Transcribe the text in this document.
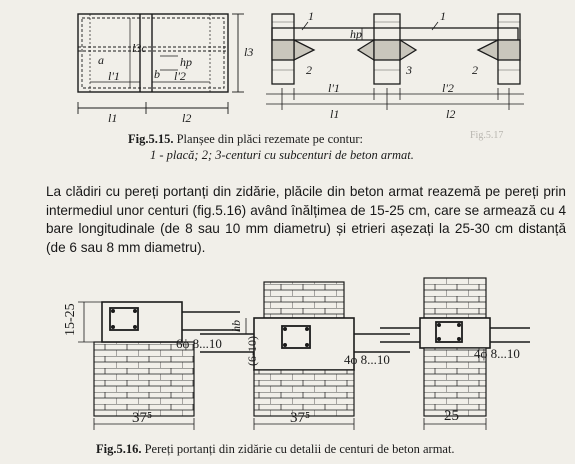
l3c
hp
l3
a
b
l'1	l'2
l1	l2
1
hp
1
2	3	2
l'1	l'2
l1	l2
Fig.5.15. Planșee din plăci rezemate pe contur:
1 - placă; 2; 3-centuri cu subcenturi de beton armat.
Fig.5.17
La clădiri cu pereți portanți din zidărie, plăcile din beton armat reazemă pe pereți prin intermediul unor centuri (fig.5.16) având înălțimea de 15-25 cm, care se armează cu 4 bare longitudinale (de 8 sau 10 mm diametru) și etrieri așezați la 25-30 cm distanță (de 6 sau 8 mm diametru).
15-25
6ϕ 8...10
37⁵
hb
(6-10)	4ϕ 8...10
37⁵
4ϕ 8...10
25
Fig.5.16. Pereți portanți din zidărie cu detalii de centuri de beton armat.
